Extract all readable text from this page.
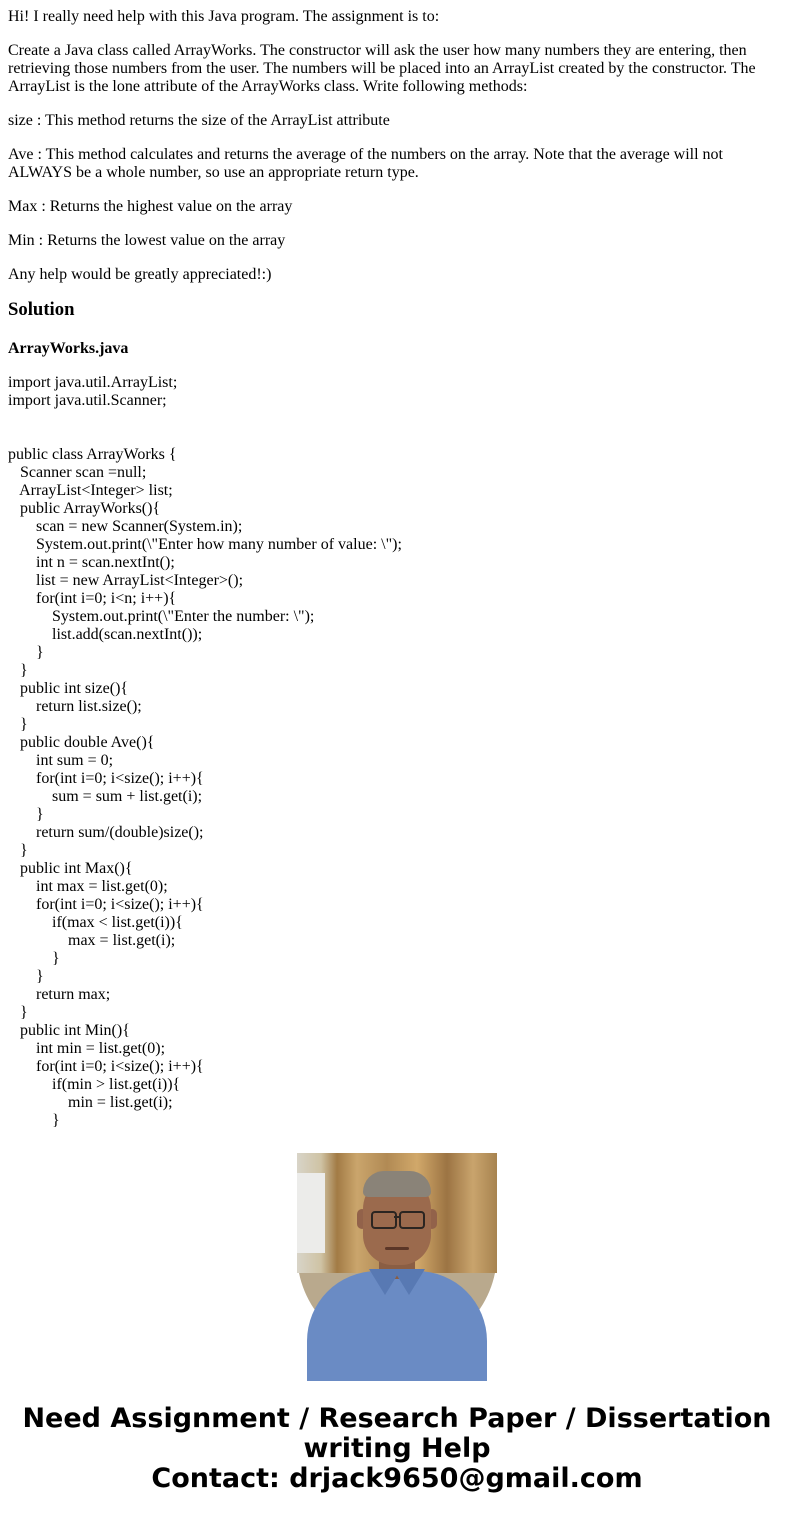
Hi! I really need help with this Java program. The assignment is to:

Create a Java class called ArrayWorks. The constructor will ask the user how many numbers they are entering, then retrieving those numbers from the user. The numbers will be placed into an ArrayList created by the constructor. The ArrayList is the lone attribute of the ArrayWorks class. Write following methods:

size : This method returns the size of the ArrayList attribute

Ave : This method calculates and returns the average of the numbers on the array. Note that the average will not ALWAYS be a whole number, so use an appropriate return type.

Max : Returns the highest value on the array

Min : Returns the lowest value on the array

Any help would be greatly appreciated!:)

Solution
ArrayWorks.java
import java.util.ArrayList;
import java.util.Scanner;

public class ArrayWorks {
Scanner scan =null;
ArrayList<Integer> list;
public ArrayWorks(){
scan = new Scanner(System.in);
System.out.print(\"Enter how many number of value: \");
int n = scan.nextInt();
list = new ArrayList<Integer>();
for(int i=0; i<n; i++){
System.out.print(\"Enter the number: \");
list.add(scan.nextInt());
}
}
public int size(){
return list.size();
}
public double Ave(){
int sum = 0;
for(int i=0; i<size(); i++){
sum = sum + list.get(i);
}
return sum/(double)size();
}
public int Max(){
int max = list.get(0);
for(int i=0; i<size(); i++){
if(max < list.get(i)){
max = list.get(i);
}
}
return max;
}
public int Min(){
int min = list.get(0);
for(int i=0; i<size(); i++){
if(min > list.get(i)){
min = list.get(i);
}
Need Assignment / Research Paper / Dissertation
writing Help
Contact: drjack9650@gmail.com
